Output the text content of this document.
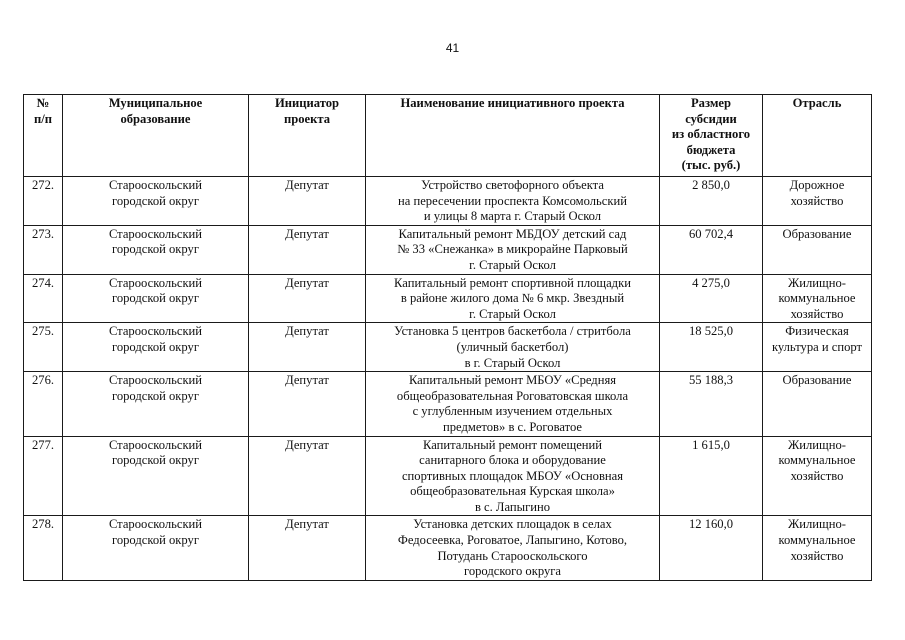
41
№
п/п	Муниципальное
образование	Инициатор
проекта	Наименование инициативного проекта	Размер
субсидии
из областного
бюджета
(тыс. руб.)	Отрасль
272.	Старооскольский
городской округ	Депутат	Устройство светофорного объекта
на пересечении проспекта Комсомольский
и улицы 8 марта г. Старый Оскол	2 850,0	Дорожное
хозяйство
273.	Старооскольский
городской округ	Депутат	Капитальный ремонт МБДОУ детский сад
№ 33 «Снежанка» в микрорайне Парковый
г. Старый Оскол	60 702,4	Образование
274.	Старооскольский
городской округ	Депутат	Капитальный ремонт спортивной площадки
в районе жилого дома № 6 мкр. Звездный
г. Старый Оскол	4 275,0	Жилищно-
коммунальное
хозяйство
275.	Старооскольский
городской округ	Депутат	Установка 5 центров баскетбола / стритбола
(уличный баскетбол)
в г. Старый Оскол	18 525,0	Физическая
культура и спорт
276.	Старооскольский
городской округ	Депутат	Капитальный ремонт МБОУ «Средняя
общеобразовательная Роговатовская школа
с углубленным изучением отдельных
предметов» в с. Роговатое	55 188,3	Образование
277.	Старооскольский
городской округ	Депутат	Капитальный ремонт помещений
санитарного блока и оборудование
спортивных площадок МБОУ «Основная
общеобразовательная Курская школа»
в с. Лапыгино	1 615,0	Жилищно-
коммунальное
хозяйство
278.	Старооскольский
городской округ	Депутат	Установка детских площадок в селах
Федосеевка, Роговатое, Лапыгино, Котово,
Потудань Старооскольского
городского округа	12 160,0	Жилищно-
коммунальное
хозяйство
